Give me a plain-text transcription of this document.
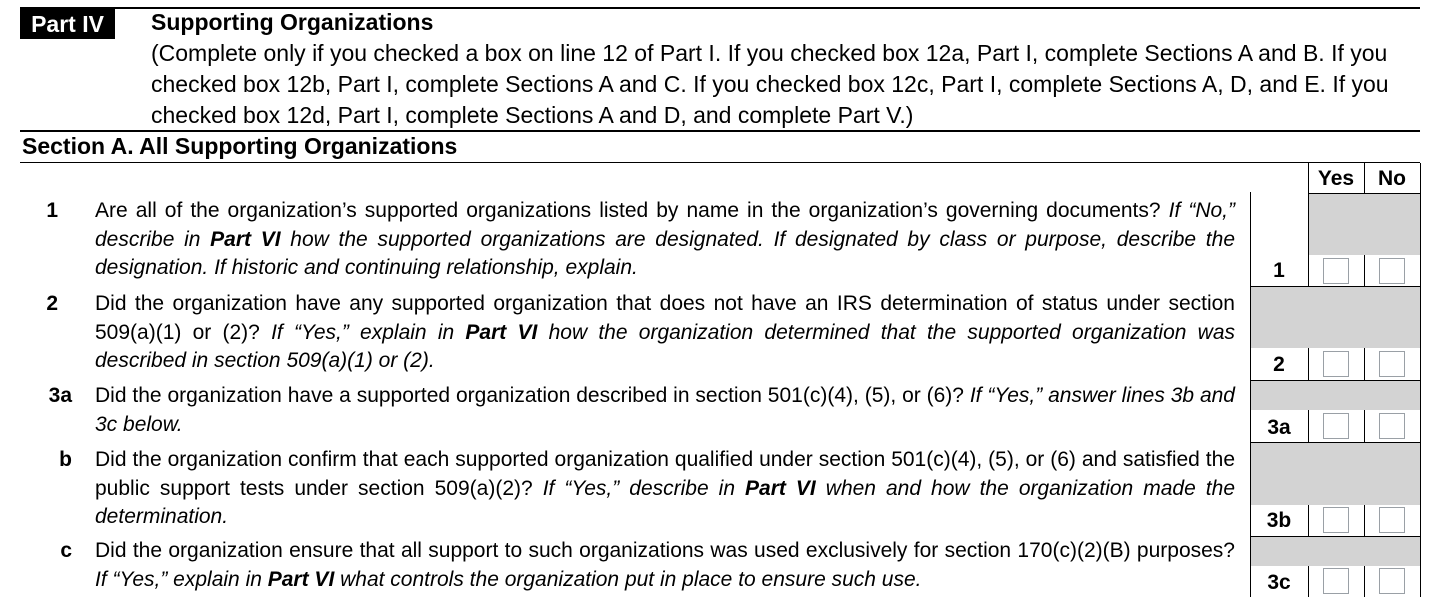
Part IV	Supporting Organizations
(Complete only if you checked a box on line 12 of Part I. If you checked box 12a, Part I, complete Sections A and B. If you checked box 12b, Part I, complete Sections A and C. If you checked box 12c, Part I, complete Sections A, D, and E. If you checked box 12d, Part I, complete Sections A and D, and complete Part V.)
Section A. All Supporting Organizations
Yes	No
1 Are all of the organization’s supported organizations listed by name in the organization’s governing documents? If “No,” describe in Part VI how the supported organizations are designated. If designated by class or purpose, describe the designation. If historic and continuing relationship, explain.	1
2 Did the organization have any supported organization that does not have an IRS determination of status under section 509(a)(1) or (2)? If “Yes,” explain in Part VI how the organization determined that the supported organization was described in section 509(a)(1) or (2).	2
3a Did the organization have a supported organization described in section 501(c)(4), (5), or (6)? If “Yes,” answer lines 3b and 3c below.	3a
b Did the organization confirm that each supported organization qualified under section 501(c)(4), (5), or (6) and satisfied the public support tests under section 509(a)(2)? If “Yes,” describe in Part VI when and how the organization made the determination.	3b
c Did the organization ensure that all support to such organizations was used exclusively for section 170(c)(2)(B) purposes? If “Yes,” explain in Part VI what controls the organization put in place to ensure such use.	3c
